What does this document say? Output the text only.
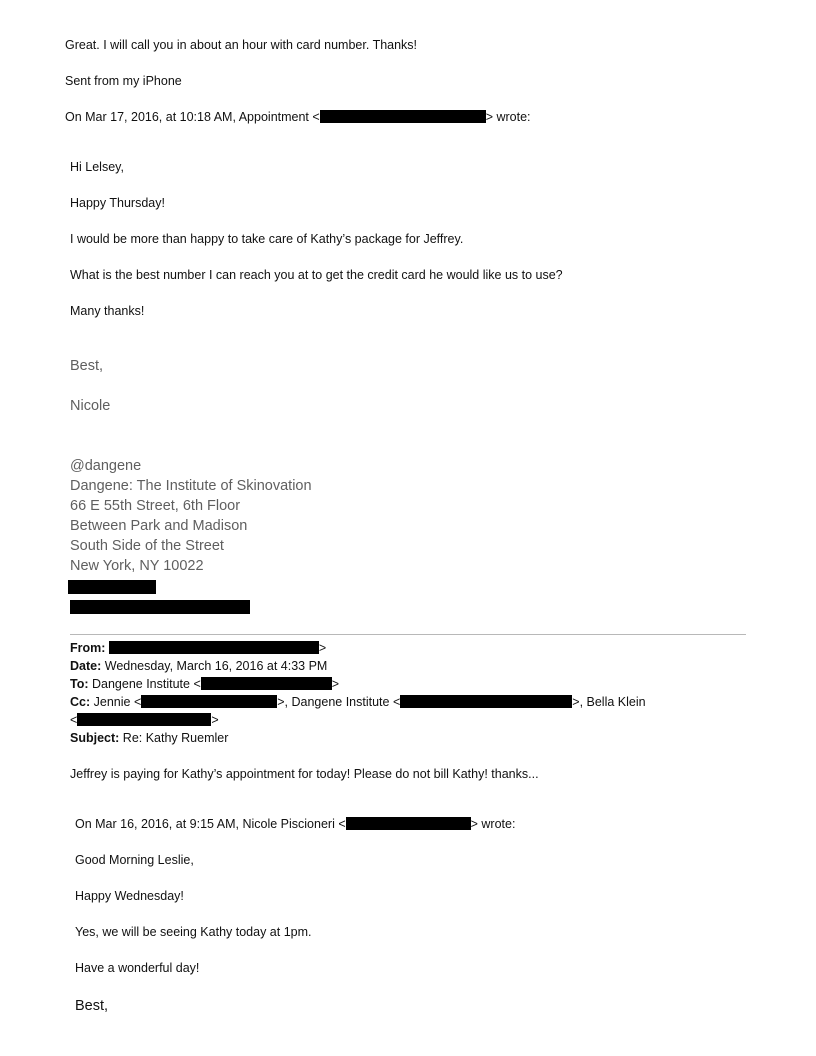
Great. I will call you in about an hour with card number. Thanks!
Sent from my iPhone
On Mar 17, 2016, at 10:18 AM, Appointment <	> wrote:
Hi Lelsey,
Happy Thursday!
I would be more than happy to take care of Kathy’s package for Jeffrey.
What is the best number I can reach you at to get the credit card he would like us to use?
Many thanks!
Best,
Nicole
@dangene
Dangene: The Institute of Skinovation
66 E 55th Street, 6th Floor
Between Park and Madison
South Side of the Street
New York, NY 10022
From:	>
Date: Wednesday, March 16, 2016 at 4:33 PM
To: Dangene Institute <	>
Cc: Jennie <	>, Dangene Institute <	>, Bella Klein
<	>
Subject: Re: Kathy Ruemler
Jeffrey is paying for Kathy’s appointment for today! Please do not bill Kathy! thanks...
On Mar 16, 2016, at 9:15 AM, Nicole Piscioneri <	> wrote:
Good Morning Leslie,
Happy Wednesday!
Yes, we will be seeing Kathy today at 1pm.
Have a wonderful day!
Best,
